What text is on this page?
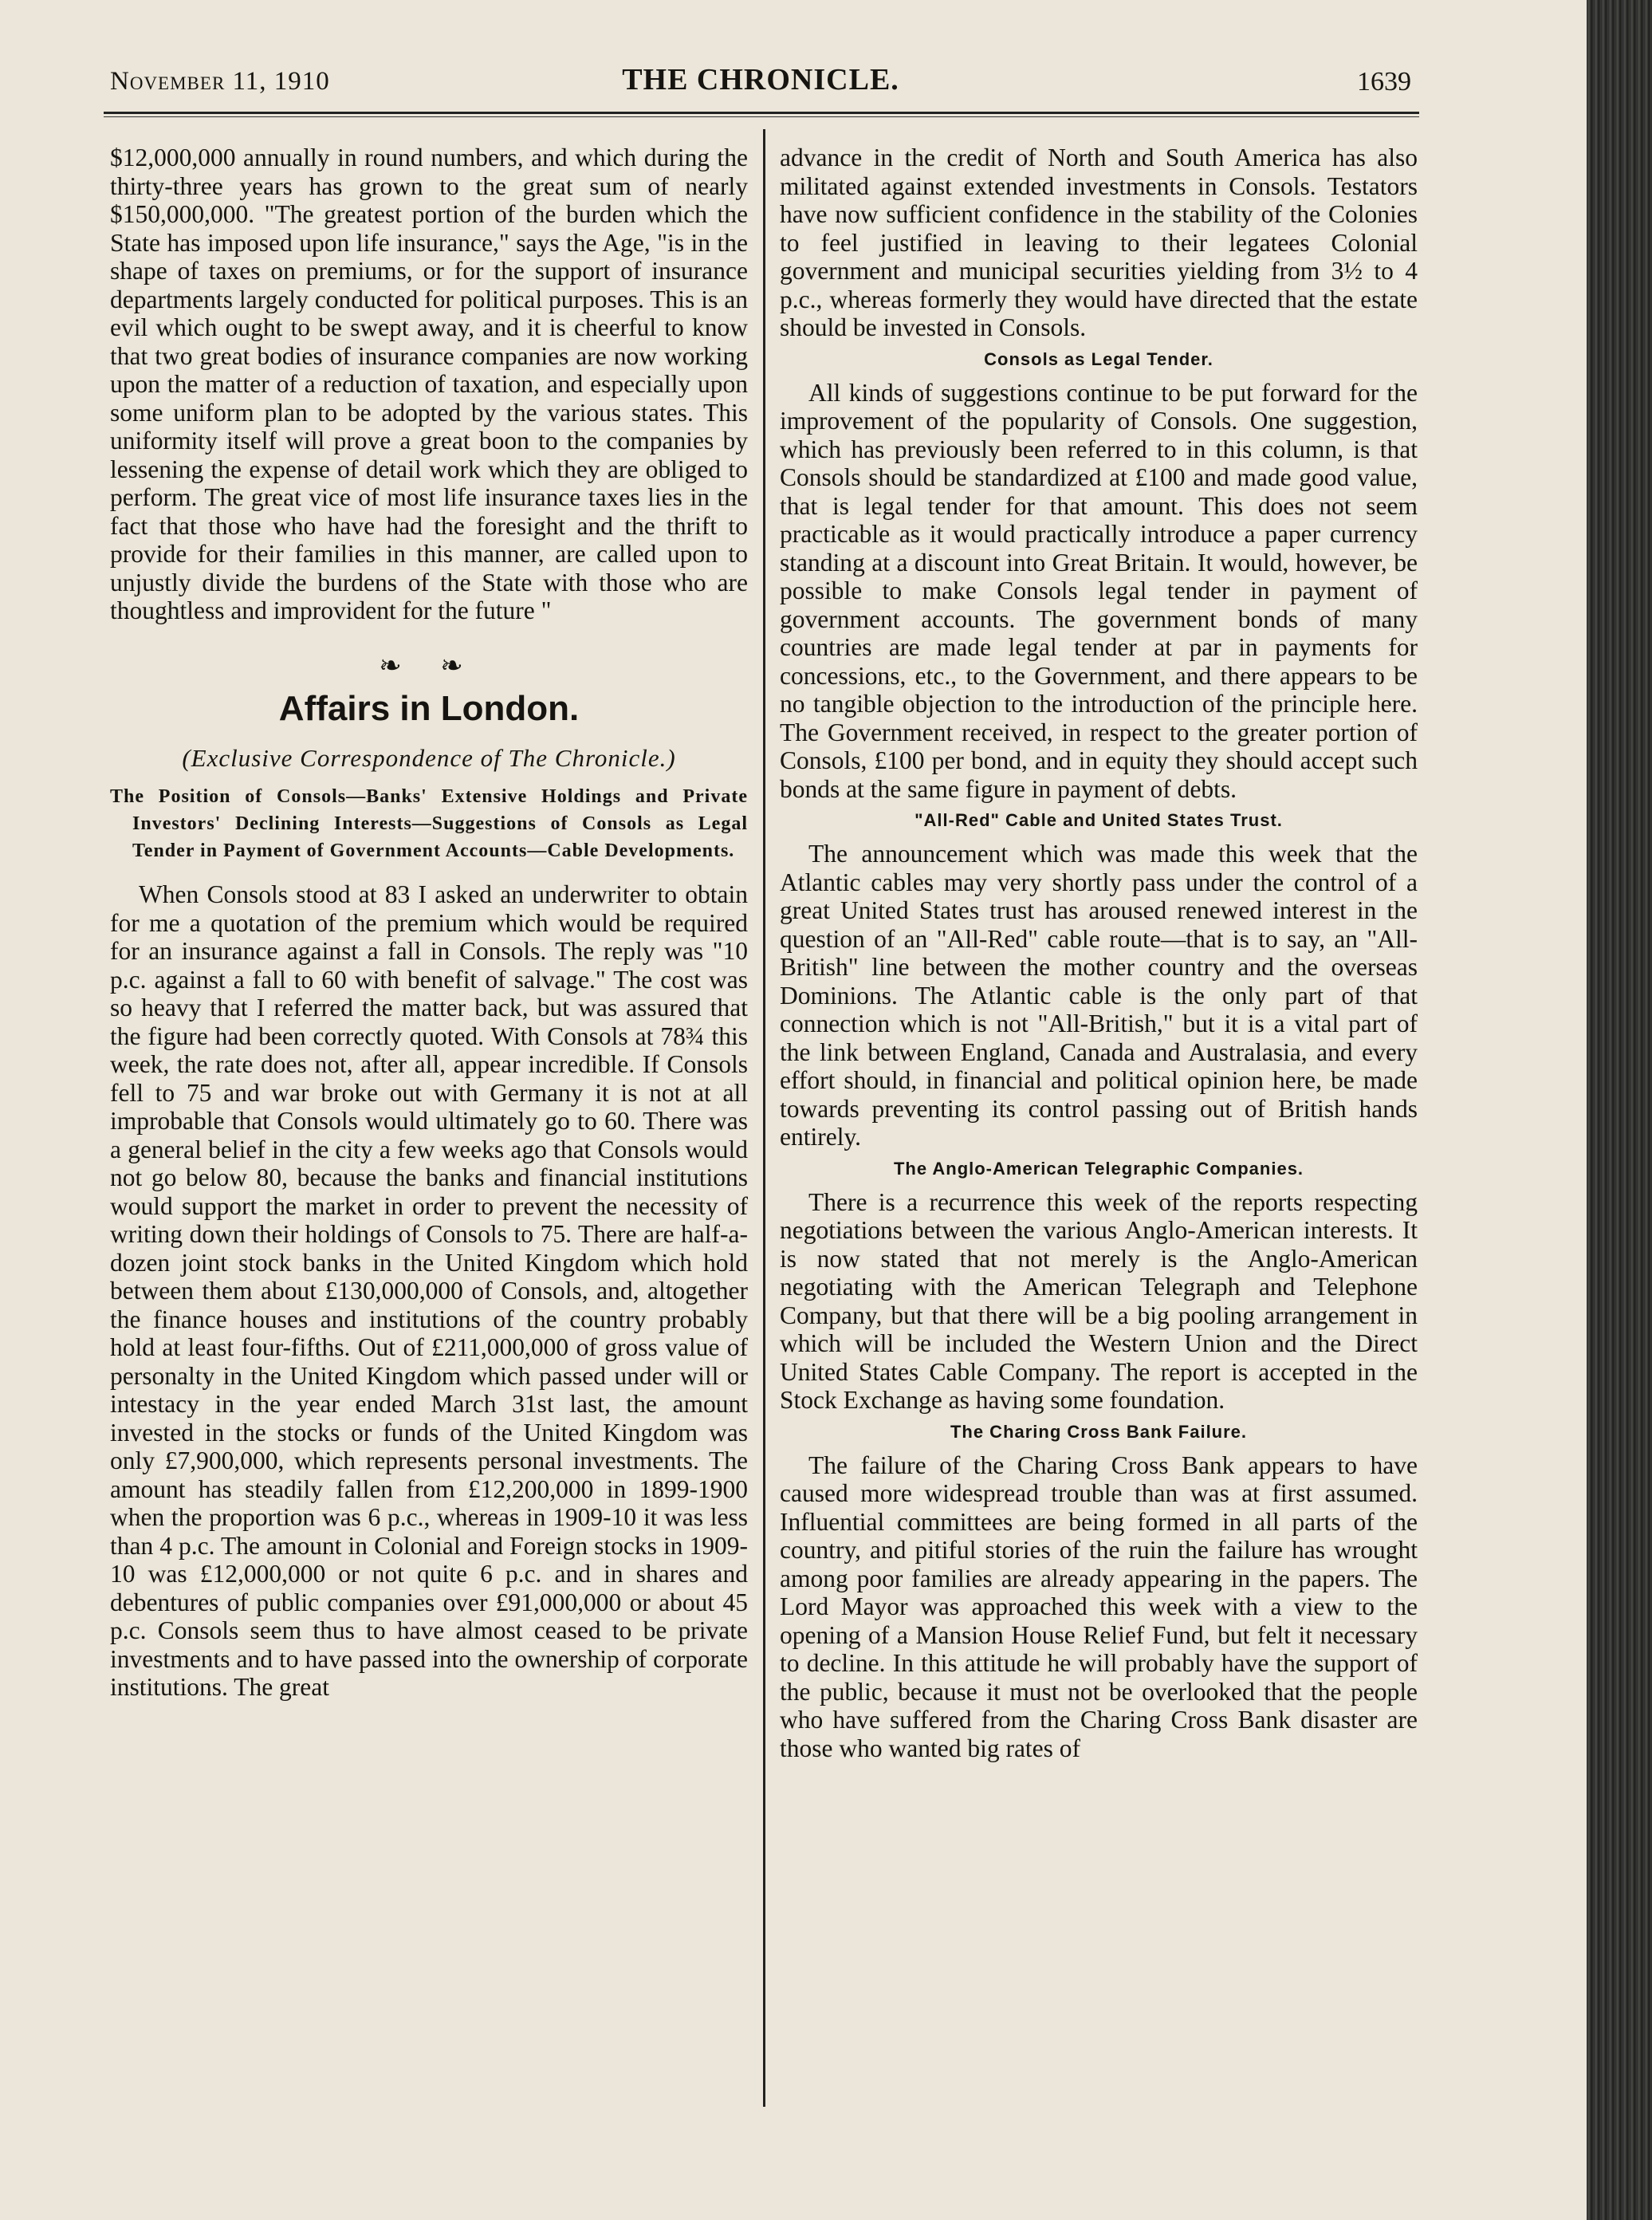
November 11, 1910	THE CHRONICLE.	1639

$12,000,000 annually in round numbers, and which during the thirty-three years has grown to the great sum of nearly $150,000,000. "The greatest portion of the burden which the State has imposed upon life insurance," says the Age, "is in the shape of taxes on premiums, or for the support of insurance departments largely conducted for political purposes. This is an evil which ought to be swept away, and it is cheerful to know that two great bodies of insurance companies are now working upon the matter of a reduction of taxation, and especially upon some uniform plan to be adopted by the various states. This uniformity itself will prove a great boon to the companies by lessening the expense of detail work which they are obliged to perform. The great vice of most life insurance taxes lies in the fact that those who have had the foresight and the thrift to provide for their families in this manner, are called upon to unjustly divide the burdens of the State with those who are thoughtless and improvident for the future "

❧ ❧
Affairs in London.
(Exclusive Correspondence of The Chronicle.)
The Position of Consols—Banks' Extensive Holdings and Private Investors' Declining Interests—Suggestions of Consols as Legal Tender in Payment of Government Accounts—Cable Developments.

When Consols stood at 83 I asked an underwriter to obtain for me a quotation of the premium which would be required for an insurance against a fall in Consols. The reply was "10 p.c. against a fall to 60 with benefit of salvage." The cost was so heavy that I referred the matter back, but was assured that the figure had been correctly quoted. With Consols at 78¾ this week, the rate does not, after all, appear incredible. If Consols fell to 75 and war broke out with Germany it is not at all improbable that Consols would ultimately go to 60. There was a general belief in the city a few weeks ago that Consols would not go below 80, because the banks and financial institutions would support the market in order to prevent the necessity of writing down their holdings of Consols to 75. There are half-a-dozen joint stock banks in the United Kingdom which hold between them about £130,000,000 of Consols, and, altogether the finance houses and institutions of the country probably hold at least four-fifths. Out of £211,000,000 of gross value of personalty in the United Kingdom which passed under will or intestacy in the year ended March 31st last, the amount invested in the stocks or funds of the United Kingdom was only £7,900,000, which represents personal investments. The amount has steadily fallen from £12,200,000 in 1899-1900 when the proportion was 6 p.c., whereas in 1909-10 it was less than 4 p.c. The amount in Colonial and Foreign stocks in 1909-10 was £12,000,000 or not quite 6 p.c. and in shares and debentures of public companies over £91,000,000 or about 45 p.c. Consols seem thus to have almost ceased to be private investments and to have passed into the ownership of corporate institutions. The great

advance in the credit of North and South America has also militated against extended investments in Consols. Testators have now sufficient confidence in the stability of the Colonies to feel justified in leaving to their legatees Colonial government and municipal securities yielding from 3½ to 4 p.c., whereas formerly they would have directed that the estate should be invested in Consols.

Consols as Legal Tender.

All kinds of suggestions continue to be put forward for the improvement of the popularity of Consols. One suggestion, which has previously been referred to in this column, is that Consols should be standardized at £100 and made good value, that is legal tender for that amount. This does not seem practicable as it would practically introduce a paper currency standing at a discount into Great Britain. It would, however, be possible to make Consols legal tender in payment of government accounts. The government bonds of many countries are made legal tender at par in payments for concessions, etc., to the Government, and there appears to be no tangible objection to the introduction of the principle here. The Government received, in respect to the greater portion of Consols, £100 per bond, and in equity they should accept such bonds at the same figure in payment of debts.

"All-Red" Cable and United States Trust.

The announcement which was made this week that the Atlantic cables may very shortly pass under the control of a great United States trust has aroused renewed interest in the question of an "All-Red" cable route—that is to say, an "All-British" line between the mother country and the overseas Dominions. The Atlantic cable is the only part of that connection which is not "All-British," but it is a vital part of the link between England, Canada and Australasia, and every effort should, in financial and political opinion here, be made towards preventing its control passing out of British hands entirely.

The Anglo-American Telegraphic Companies.

There is a recurrence this week of the reports respecting negotiations between the various Anglo-American interests. It is now stated that not merely is the Anglo-American negotiating with the American Telegraph and Telephone Company, but that there will be a big pooling arrangement in which will be included the Western Union and the Direct United States Cable Company. The report is accepted in the Stock Exchange as having some foundation.

The Charing Cross Bank Failure.

The failure of the Charing Cross Bank appears to have caused more widespread trouble than was at first assumed. Influential committees are being formed in all parts of the country, and pitiful stories of the ruin the failure has wrought among poor families are already appearing in the papers. The Lord Mayor was approached this week with a view to the opening of a Mansion House Relief Fund, but felt it necessary to decline. In this attitude he will probably have the support of the public, because it must not be overlooked that the people who have suffered from the Charing Cross Bank disaster are those who wanted big rates of
